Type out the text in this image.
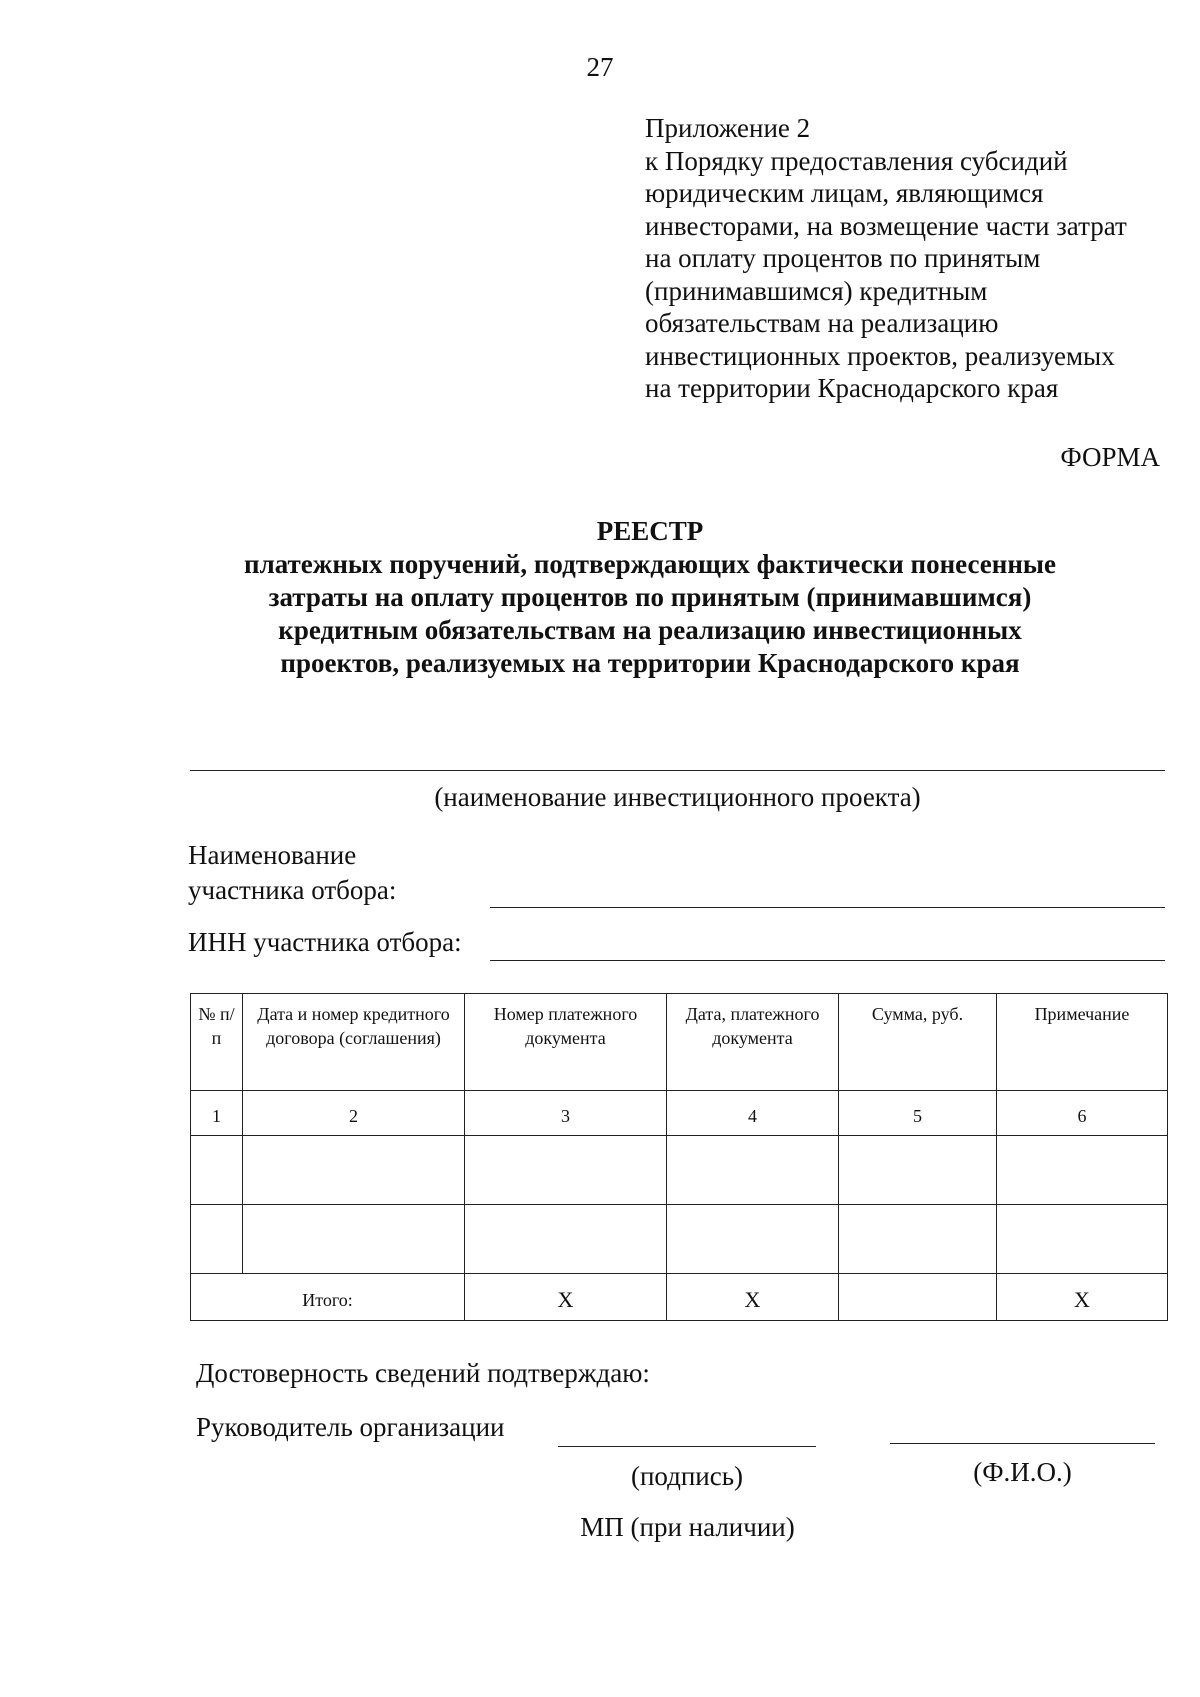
27
Приложение 2
к Порядку предоставления субсидий
юридическим лицам, являющимся
инвесторами, на возмещение части затрат
на оплату процентов по принятым
(принимавшимся) кредитным
обязательствам на реализацию
инвестиционных проектов, реализуемых
на территории Краснодарского края
ФОРМА
РЕЕСТР
платежных поручений, подтверждающих фактически понесенные
затраты на оплату процентов по принятым (принимавшимся)
кредитным обязательствам на реализацию инвестиционных
проектов, реализуемых на территории Краснодарского края
(наименование инвестиционного проекта)
Наименование
участника отбора:
ИНН участника отбора:
№ п/п	Дата и номер кредитного договора (соглашения)	Номер платежного документа	Дата, платежного документа	Сумма, руб.	Примечание
1	2	3	4	5	6

Итого:		Х	Х		Х
Достоверность сведений подтверждаю:
Руководитель организации
(подпись)	(Ф.И.О.)
МП (при наличии)
